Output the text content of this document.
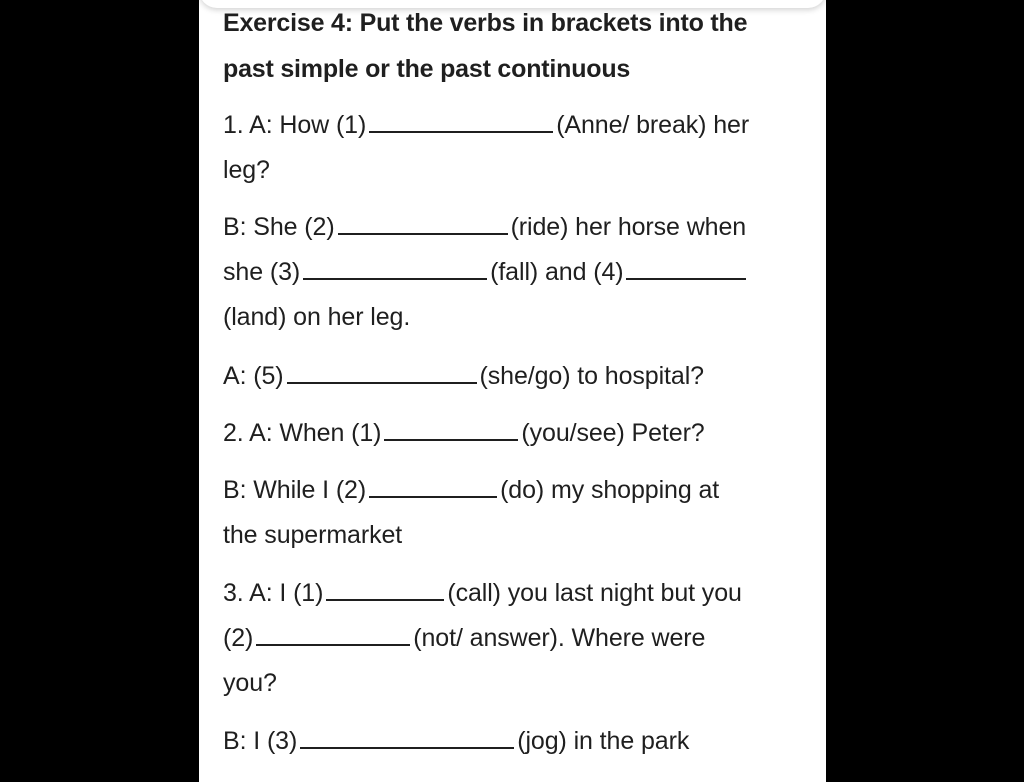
Exercise 4: Put the verbs in brackets into the
past simple or the past continuous

1. A: How (1)	(Anne/ break) her

leg?

B: She (2)	(ride) her horse when

she (3)	(fall) and (4)

(land) on her leg.

A: (5)	(she/go) to hospital?

2. A: When (1)	(you/see) Peter?

B: While I (2)	(do) my shopping at

the supermarket

3. A: I (1)	(call) you last night but you

(2)	(not/ answer). Where were

you?

B: I (3)	(jog) in the park
